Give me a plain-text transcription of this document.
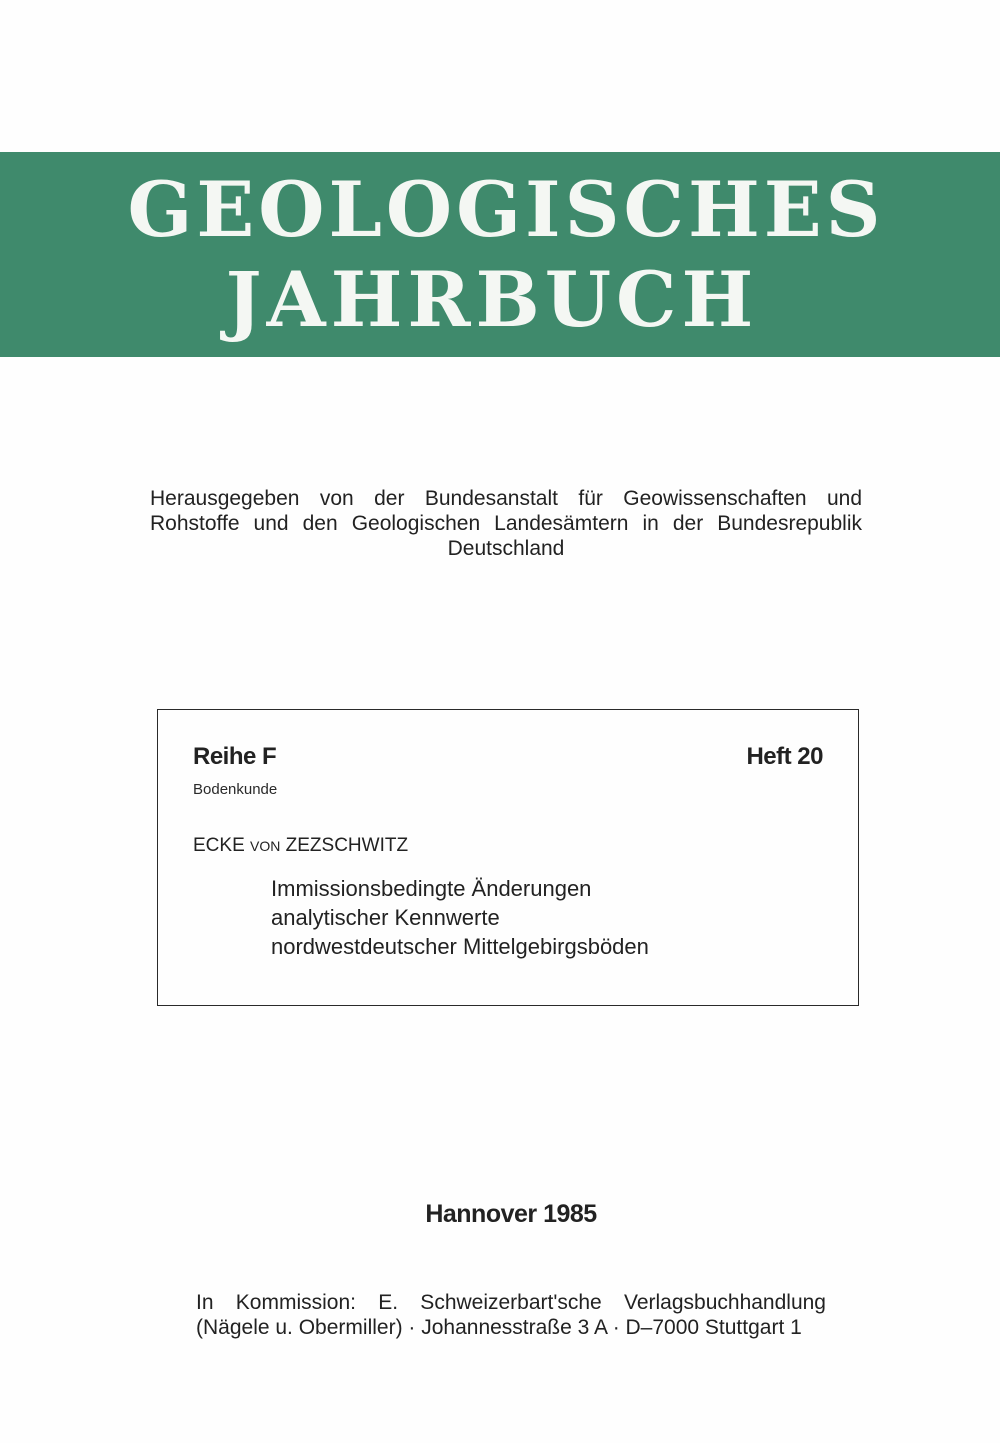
GEOLOGISCHES
JAHRBUCH
Herausgegeben von der Bundesanstalt für Geowissenschaften und
Rohstoffe und den Geologischen Landesämtern in der Bundesrepublik
Deutschland
Reihe F	Heft 20
Bodenkunde
ECKE VON ZEZSCHWITZ
Immissionsbedingte Änderungen
analytischer Kennwerte
nordwestdeutscher Mittelgebirgsböden
Hannover 1985
In Kommission: E. Schweizerbart'sche Verlagsbuchhandlung
(Nägele u. Obermiller) · Johannesstraße 3 A · D–7000 Stuttgart 1
